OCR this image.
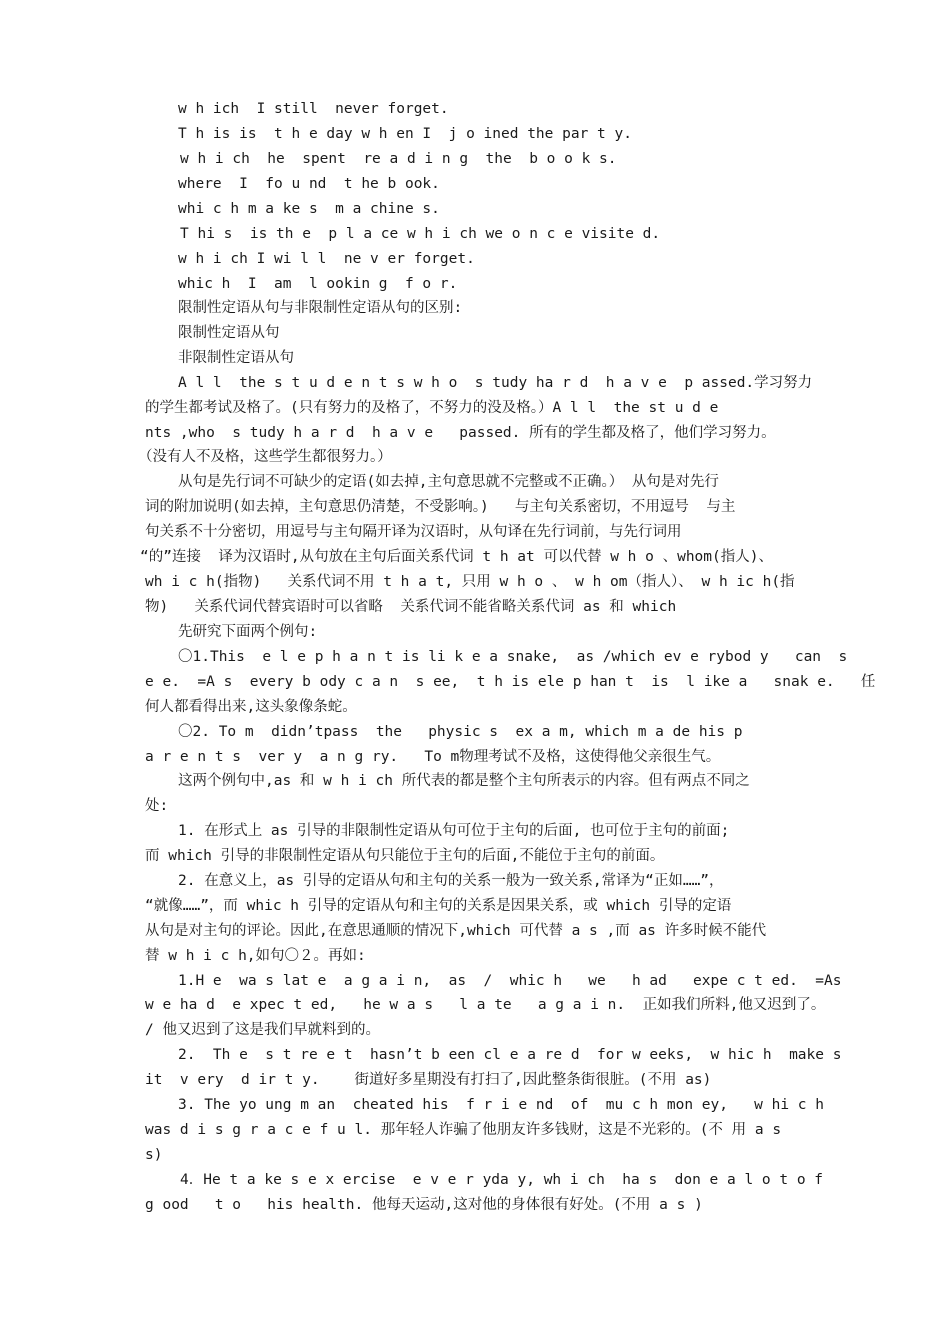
w h ich  I still  never forget.

T h is is  t h e day w h en I  j o ined the par t y.

w h i ch  he  spent  re a d i n g  the  b o o k s.

where  I  fo u nd  t he b ook.

whi c h m a ke s  m a chine s.

T hi s  is th e  p l a ce w h i ch we o n c e visite d.

w h i ch I wi l l  ne v er forget.

whic h  I  am  l ookin g  f o r.

限制性定语从句与非限制性定语从句的区别:

限制性定语从句

非限制性定语从句

A l l  the s t u d e n t s w h o  s tudy ha r d  h a v e  p assed.学习努力

的学生都考试及格了。(只有努力的及格了，不努力的没及格。）A l l  the st u d e

nts ,who  s tudy h a r d  h a v e   passed. 所有的学生都及格了，他们学习努力。

（没有人不及格，这些学生都很努力。）

从句是先行词不可缺少的定语(如去掉,主句意思就不完整或不正确。） 从句是对先行

词的附加说明(如去掉，主句意思仍清楚，不受影响。)   与主句关系密切，不用逗号  与主

句关系不十分密切，用逗号与主句隔开译为汉语时，从句译在先行词前，与先行词用

“的”连接  译为汉语时,从句放在主句后面关系代词 t h at 可以代替 w h o 、whom(指人)、

wh i c h(指物)   关系代词不用 t h a t, 只用 w h o 、 w h om（指人）、 w h ic h(指

物)   关系代词代替宾语时可以省略  关系代词不能省略关系代词 as 和 which

先研究下面两个例句:

〇1.This  e l e p h a n t is li k e a snake,  as /which ev e rybod y   can  s

e e.  =A s  every b ody c a n  s ee,  t h is ele p han t  is  l ike a   snak e.   任

何人都看得出来,这头象像条蛇。

〇2. To m  didn’tpass  the   physic s  ex a m, which m a de his p

a r e n t s  ver y  a n g ry.   To m物理考试不及格，这使得他父亲很生气。

这两个例句中,as 和 w h i ch 所代表的都是整个主句所表示的内容。但有两点不同之

处:

1. 在形式上 as 引导的非限制性定语从句可位于主句的后面, 也可位于主句的前面;

而 which 引导的非限制性定语从句只能位于主句的后面,不能位于主句的前面。

2. 在意义上，as 引导的定语从句和主句的关系一般为一致关系,常译为“正如……”，

“就像……”，而 whic h 引导的定语从句和主句的关系是因果关系，或 which 引导的定语

从句是对主句的评论。因此,在意思通顺的情况下,which 可代替 a s ,而 as 许多时候不能代

替 w h i c h,如句〇２。再如:

1.H e  wa s lat e  a g a i n,  as  /  whic h   we   h ad   expe c t ed.  =As

w e ha d  e xpec t ed,   he w a s   l a te   a g a i n.  正如我们所料,他又迟到了。

/ 他又迟到了这是我们早就料到的。

2.  Th e  s t re e t  hasn’t b een cl e a re d  for w eeks,  w hic h  make s

it  v ery  d ir t y.    街道好多星期没有打扫了,因此整条街很脏。(不用 as)

3. The yo ung m an  cheated his  f r i e nd  of  mu c h mon ey,   w hi c h

was d i s g r a c e f u l. 那年轻人诈骗了他朋友许多钱财，这是不光彩的。(不 用 a s

s)

4．He t a ke s e x ercise  e v e r yda y, wh i ch  ha s  don e a l o t o f

g ood   t o   his health. 他每天运动,这对他的身体很有好处。(不用 a s )
